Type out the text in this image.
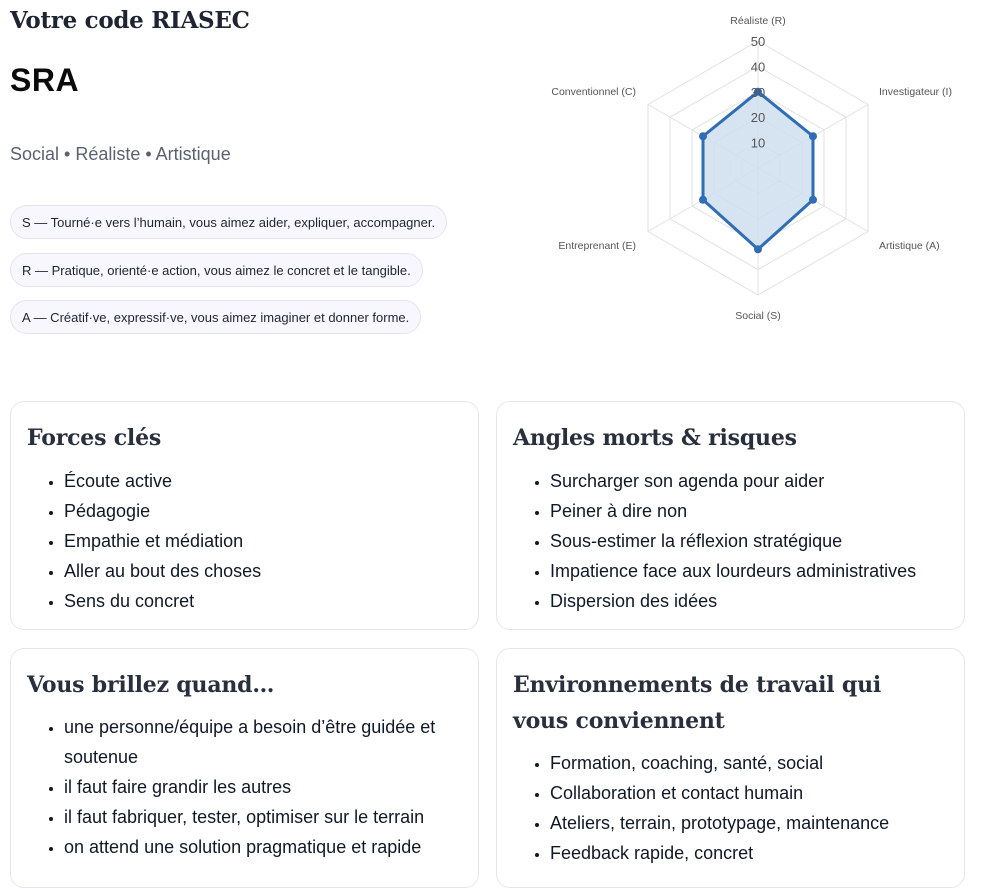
Votre code RIASEC
SRA
Social • Réaliste • Artistique
S — Tourné·e vers l’humain, vous aimez aider, expliquer, accompagner.
R — Pratique, orienté·e action, vous aimez le concret et le tangible.
A — Créatif·ve, expressif·ve, vous aimez imaginer et donner forme.
10
20
30
40
50
Réaliste (R)
Investigateur (I)
Artistique (A)
Social (S)
Entreprenant (E)
Conventionnel (C)
Forces clés
• Écoute active
• Pédagogie
• Empathie et médiation
• Aller au bout des choses
• Sens du concret
Angles morts & risques
• Surcharger son agenda pour aider
• Peiner à dire non
• Sous-estimer la réflexion stratégique
• Impatience face aux lourdeurs administratives
• Dispersion des idées
Vous brillez quand…
• une personne/équipe a besoin d’être guidée et soutenue
• il faut faire grandir les autres
• il faut fabriquer, tester, optimiser sur le terrain
• on attend une solution pragmatique et rapide
Environnements de travail qui vous conviennent
• Formation, coaching, santé, social
• Collaboration et contact humain
• Ateliers, terrain, prototypage, maintenance
• Feedback rapide, concret
